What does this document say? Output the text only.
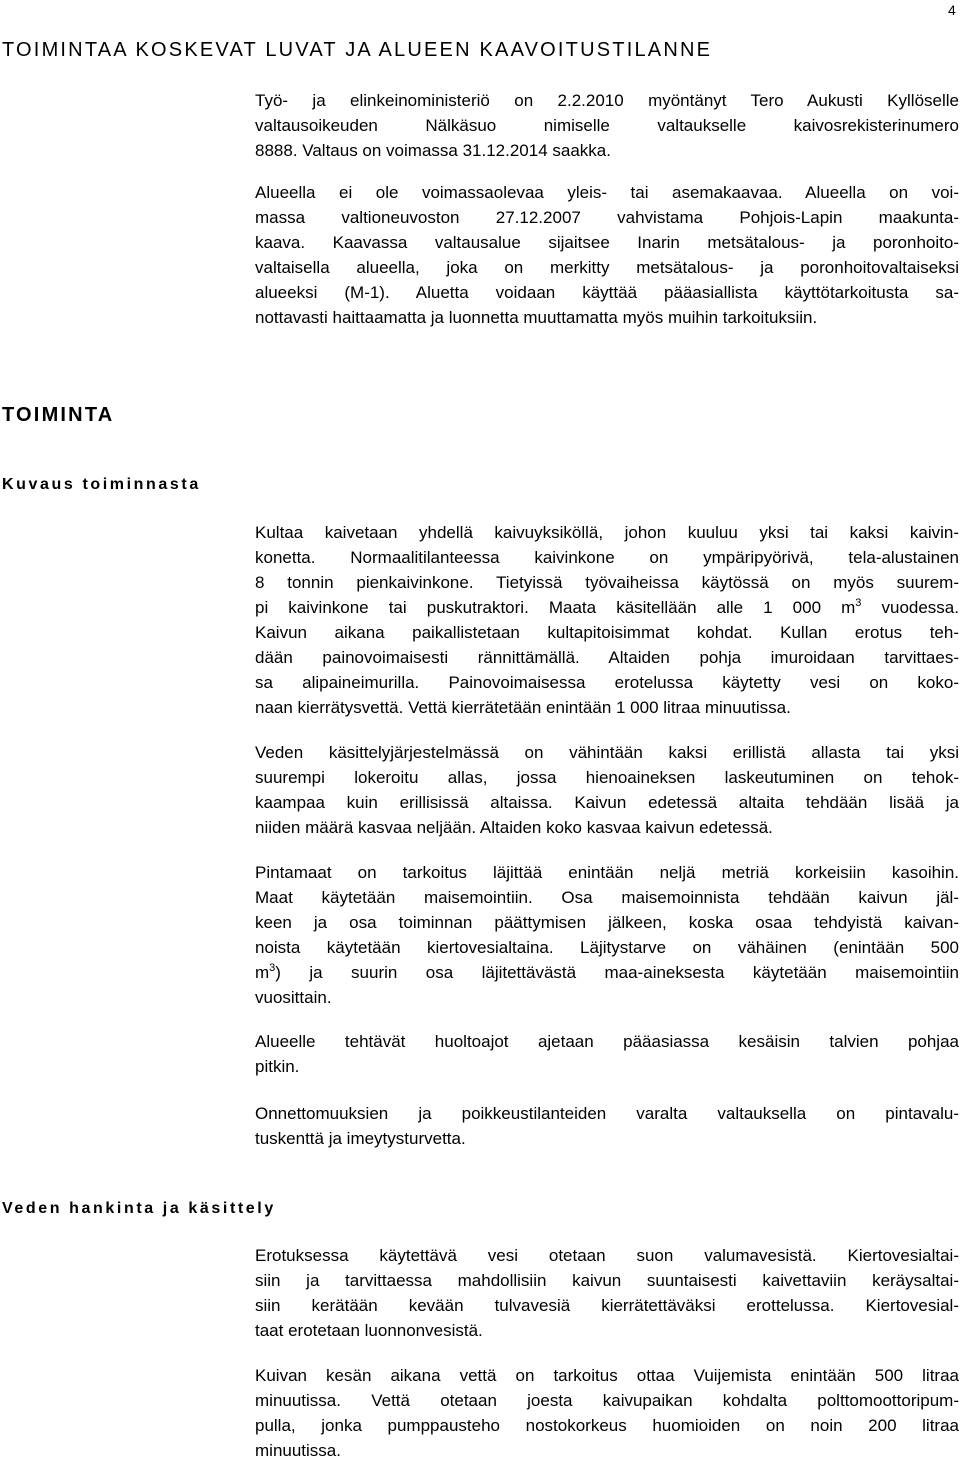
4
TOIMINTAA KOSKEVAT LUVAT JA ALUEEN KAAVOITUSTILANNE
Työ- ja elinkeinoministeriö on 2.2.2010 myöntänyt Tero Aukusti Kyllöselle
valtausoikeuden Nälkäsuo nimiselle valtaukselle kaivosrekisterinumero
8888. Valtaus on voimassa 31.12.2014 saakka.
Alueella ei ole voimassaolevaa yleis- tai asemakaavaa. Alueella on voi-
massa valtioneuvoston 27.12.2007 vahvistama Pohjois-Lapin maakunta-
kaava. Kaavassa valtausalue sijaitsee Inarin metsätalous- ja poronhoito-
valtaisella alueella, joka on merkitty metsätalous- ja poronhoitovaltaiseksi
alueeksi (M-1). Aluetta voidaan käyttää pääasiallista käyttötarkoitusta sa-
nottavasti haittaamatta ja luonnetta muuttamatta myös muihin tarkoituksiin.
TOIMINTA
Kuvaus toiminnasta
Kultaa kaivetaan yhdellä kaivuyksiköllä, johon kuuluu yksi tai kaksi kaivin-
konetta. Normaalitilanteessa kaivinkone on ympäripyörivä, tela-alustainen
8 tonnin pienkaivinkone. Tietyissä työvaiheissa käytössä on myös suurem-
pi kaivinkone tai puskutraktori. Maata käsitellään alle 1 000 $m^3$ vuodessa.
Kaivun aikana paikallistetaan kultapitoisimmat kohdat. Kullan erotus teh-
dään painovoimaisesti rännittämällä. Altaiden pohja imuroidaan tarvittaes-
sa alipaineimurilla. Painovoimaisessa erotelussa käytetty vesi on koko-
naan kierrätysvettä. Vettä kierrätetään enintään 1 000 litraa minuutissa.
Veden käsittelyjärjestelmässä on vähintään kaksi erillistä allasta tai yksi
suurempi lokeroitu allas, jossa hienoaineksen laskeutuminen on tehok-
kaampaa kuin erillisissä altaissa. Kaivun edetessä altaita tehdään lisää ja
niiden määrä kasvaa neljään. Altaiden koko kasvaa kaivun edetessä.
Pintamaat on tarkoitus läjittää enintään neljä metriä korkeisiin kasoihin.
Maat käytetään maisemointiin. Osa maisemoinnista tehdään kaivun jäl-
keen ja osa toiminnan päättymisen jälkeen, koska osaa tehdyistä kaivan-
noista käytetään kiertovesialtaina. Läjitystarve on vähäinen (enintään 500
$m^3$) ja suurin osa läjitettävästä maa-aineksesta käytetään maisemointiin
vuosittain.
Alueelle tehtävät huoltoajot ajetaan pääasiassa kesäisin talvien pohjaa
pitkin.
Onnettomuuksien ja poikkeustilanteiden varalta valtauksella on pintavalu-
tuskenttä ja imeytysturvetta.
Veden hankinta ja käsittely
Erotuksessa käytettävä vesi otetaan suon valumavesistä. Kiertovesialtai-
siin ja tarvittaessa mahdollisiin kaivun suuntaisesti kaivettaviin keräysaltai-
siin kerätään kevään tulvavesiä kierrätettäväksi erottelussa. Kiertovesial-
taat erotetaan luonnonvesistä.
Kuivan kesän aikana vettä on tarkoitus ottaa Vuijemista enintään 500 litraa
minuutissa. Vettä otetaan joesta kaivupaikan kohdalta polttomoottoripum-
pulla, jonka pumppausteho nostokorkeus huomioiden on noin 200 litraa
minuutissa.
